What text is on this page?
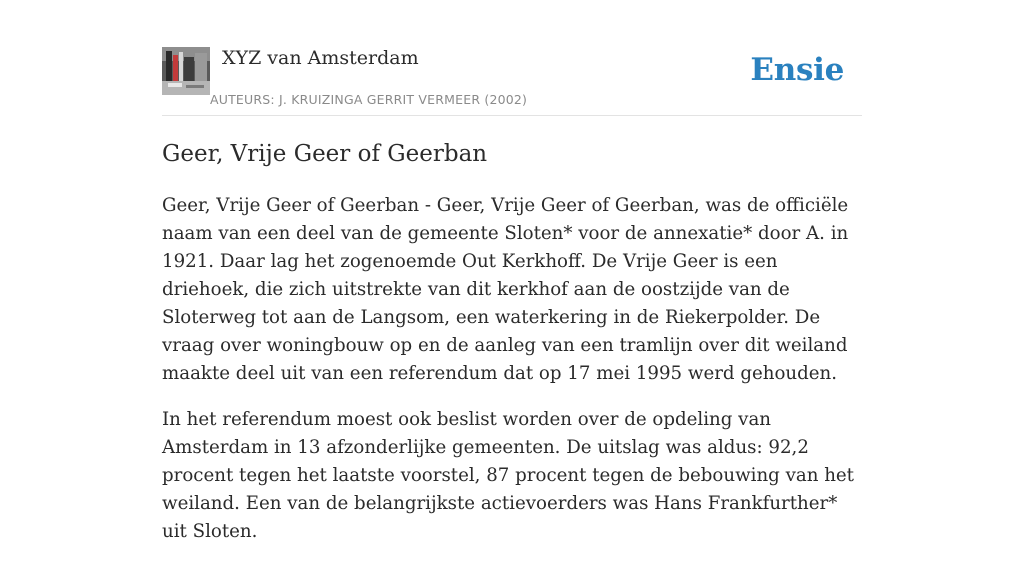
XYZ van Amsterdam
AUTEURS: J. KRUIZINGA GERRIT VERMEER (2002)
Ensie
Geer, Vrije Geer of Geerban

Geer, Vrije Geer of Geerban - Geer, Vrije Geer of Geerban, was de officiële naam van een deel van de gemeente Sloten* voor de annexatie* door A. in 1921. Daar lag het zogenoemde Out Kerkhoff. De Vrije Geer is een driehoek, die zich uitstrekte van dit kerkhof aan de oostzijde van de Sloterweg tot aan de Langsom, een waterkering in de Riekerpolder. De vraag over woningbouw op en de aanleg van een tramlijn over dit weiland maakte deel uit van een referendum dat op 17 mei 1995 werd gehouden.

In het referendum moest ook beslist worden over de opdeling van Amsterdam in 13 afzonderlijke gemeenten. De uitslag was aldus: 92,2 procent tegen het laatste voorstel, 87 procent tegen de bebouwing van het weiland. Een van de belangrijkste actievoerders was Hans Frankfurther* uit Sloten.
